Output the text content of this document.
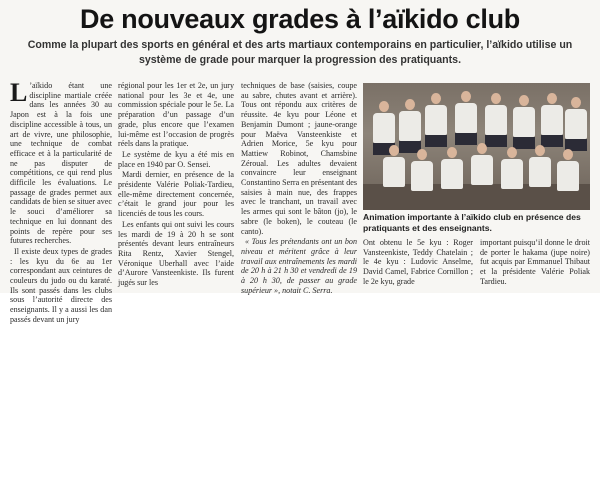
De nouveaux grades à l’aïkido club
Comme la plupart des sports en général et des arts martiaux contemporains en particulier, l’aïkido utilise un système de grade pour marquer la progression des pratiquants.

L ’aïkido étant une discipline martiale créée dans les années 30 au Japon est à la fois une discipline accessible à tous, un art de vivre, une philosophie, une technique de combat efficace et à la particularité de ne pas disputer de compétitions, ce qui rend plus difficile les évaluations. Le passage de grades permet aux candidats de bien se situer avec le souci d’améliorer sa technique en lui donnant des points de repère pour ses futures recherches.

Il existe deux types de grades : les kyu du 6e au 1er correspondant aux ceintures de couleurs du judo ou du karaté. Ils sont passés dans les clubs sous l’autorité directe des enseignants. Il y a aussi les dan passés devant un jury

régional pour les 1er et 2e, un jury national pour les 3e et 4e, une commission spéciale pour le 5e. La préparation d’un passage d’un grade, plus encore que l’examen lui-même est l’occasion de progrès réels dans la pratique.

Le système de kyu a été mis en place en 1940 par O. Sensei.

Mardi dernier, en présence de la présidente Valérie Poliak-Tardieu, elle-même directement concernée, c’était le grand jour pour les licenciés de tous les cours.

Les enfants qui ont suivi les cours les mardi de 19 à 20 h se sont présentés devant leurs entraîneurs Rita Rentz, Xavier Stengel, Véronique Uberhall avec l’aide d’Aurore Vansteenkiste. Ils furent jugés sur les

techniques de base (saisies, coupe au sabre, chutes avant et arrière). Tous ont répondu aux critères de réussite. 4e kyu pour Léone et Benjamin Dumont ; jaune-orange pour Maëva Vansteenkiste et Adrien Morice, 5e kyu pour Mattiew Robinot, Chamsbine Zéroual. Les adultes devaient convaincre leur enseignant Constantino Serra en présentant des saisies à main nue, des frappes avec le tranchant, un travail avec les armes qui sont le bâton (jo), le sabre (le boken), le couteau (le canto).

« Tous les prétendants ont un bon niveau et méritent grâce à leur travail aux entraînements les mardi de 20 h à 21 h 30 et vendredi de 19 à 20 h 30, de passer au grade supérieur », notait C. Serra.

Animation importante à l’aïkido club en présence des pratiquants et des enseignants.

Ont obtenu le 5e kyu : Roger Vansteenkiste, Teddy Chatelain ; le 4e kyu : Ludovic Anselme, David Camel, Fabrice Cornillon ; le 2e kyu, grade

important puisqu’il donne le droit de porter le hakama (jupe noire) fut acquis par Emmanuel Thibaut et la présidente Valérie Poliak Tardieu.
